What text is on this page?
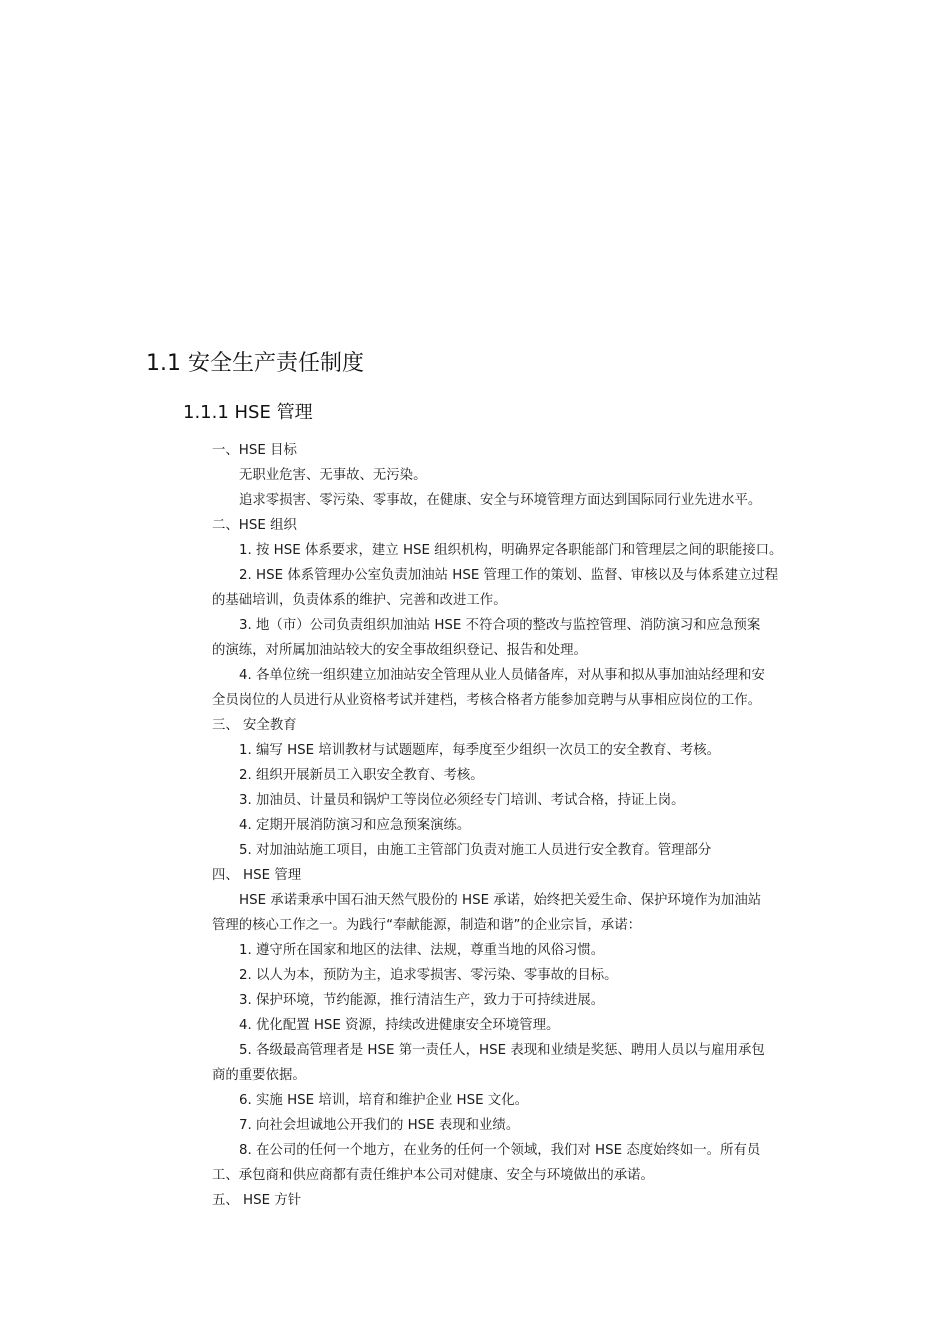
1.1 安全生产责任制度
1.1.1 HSE 管理
一、HSE 目标
无职业危害、无事故、无污染。
追求零损害、零污染、零事故，在健康、安全与环境管理方面达到国际同行业先进水平。
二、HSE 组织
1. 按 HSE 体系要求，建立 HSE 组织机构，明确界定各职能部门和管理层之间的职能接口。
2. HSE 体系管理办公室负责加油站 HSE 管理工作的策划、监督、审核以及与体系建立过程
的基础培训，负责体系的维护、完善和改进工作。
3. 地（市）公司负责组织加油站 HSE 不符合项的整改与监控管理、消防演习和应急预案
的演练，对所属加油站较大的安全事故组织登记、报告和处理。
4. 各单位统一组织建立加油站安全管理从业人员储备库，对从事和拟从事加油站经理和安
全员岗位的人员进行从业资格考试并建档，考核合格者方能参加竞聘与从事相应岗位的工作。
三、 安全教育
1. 编写 HSE 培训教材与试题题库，每季度至少组织一次员工的安全教育、考核。
2. 组织开展新员工入职安全教育、考核。
3. 加油员、计量员和锅炉工等岗位必须经专门培训、考试合格，持证上岗。
4. 定期开展消防演习和应急预案演练。
5. 对加油站施工项目，由施工主管部门负责对施工人员进行安全教育。管理部分
四、 HSE 管理
HSE 承诺秉承中国石油天然气股份的 HSE 承诺，始终把关爱生命、保护环境作为加油站
管理的核心工作之一。为践行“奉献能源，制造和谐”的企业宗旨，承诺：
1. 遵守所在国家和地区的法律、法规，尊重当地的风俗习惯。
2. 以人为本，预防为主，追求零损害、零污染、零事故的目标。
3. 保护环境，节约能源，推行清洁生产，致力于可持续进展。
4. 优化配置 HSE 资源，持续改进健康安全环境管理。
5. 各级最高管理者是 HSE 第一责任人，HSE 表现和业绩是奖惩、聘用人员以与雇用承包
商的重要依据。
6. 实施 HSE 培训，培育和维护企业 HSE 文化。
7. 向社会坦诚地公开我们的 HSE 表现和业绩。
8. 在公司的任何一个地方，在业务的任何一个领域，我们对 HSE 态度始终如一。所有员
工、承包商和供应商都有责任维护本公司对健康、安全与环境做出的承诺。
五、 HSE 方针
